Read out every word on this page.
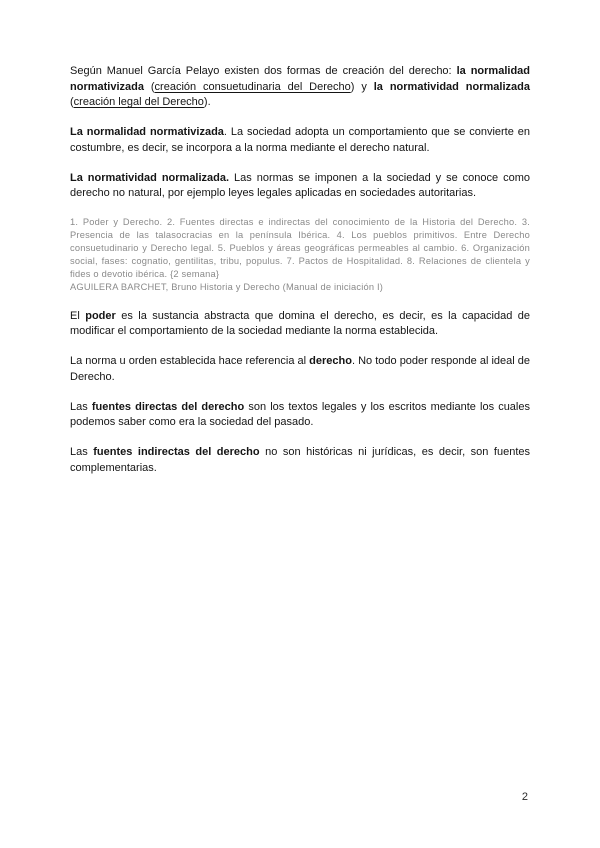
Según Manuel García Pelayo existen dos formas de creación del derecho: la normalidad normativizada (creación consuetudinaria del Derecho) y la normatividad normalizada (creación legal del Derecho).

La normalidad normativizada. La sociedad adopta un comportamiento que se convierte en costumbre, es decir, se incorpora a la norma mediante el derecho natural.

La normatividad normalizada. Las normas se imponen a la sociedad y se conoce como derecho no natural, por ejemplo leyes legales aplicadas en sociedades autoritarias.

1. Poder y Derecho. 2. Fuentes directas e indirectas del conocimiento de la Historia del Derecho. 3. Presencia de las talasocracias en la península Ibérica. 4. Los pueblos primitivos. Entre Derecho consuetudinario y Derecho legal. 5. Pueblos y áreas geográficas permeables al cambio. 6. Organización social, fases: cognatio, gentilitas, tribu, populus. 7. Pactos de Hospitalidad. 8. Relaciones de clientela y fides o devotio ibérica. {2 semana}

AGUILERA BARCHET, Bruno Historia y Derecho (Manual de iniciación I)

El poder es la sustancia abstracta que domina el derecho, es decir, es la capacidad de modificar el comportamiento de la sociedad mediante la norma establecida.

La norma u orden establecida hace referencia al derecho. No todo poder responde al ideal de Derecho.

Las fuentes directas del derecho son los textos legales y los escritos mediante los cuales podemos saber como era la sociedad del pasado.

Las fuentes indirectas del derecho no son históricas ni jurídicas, es decir, son fuentes complementarias.

2
